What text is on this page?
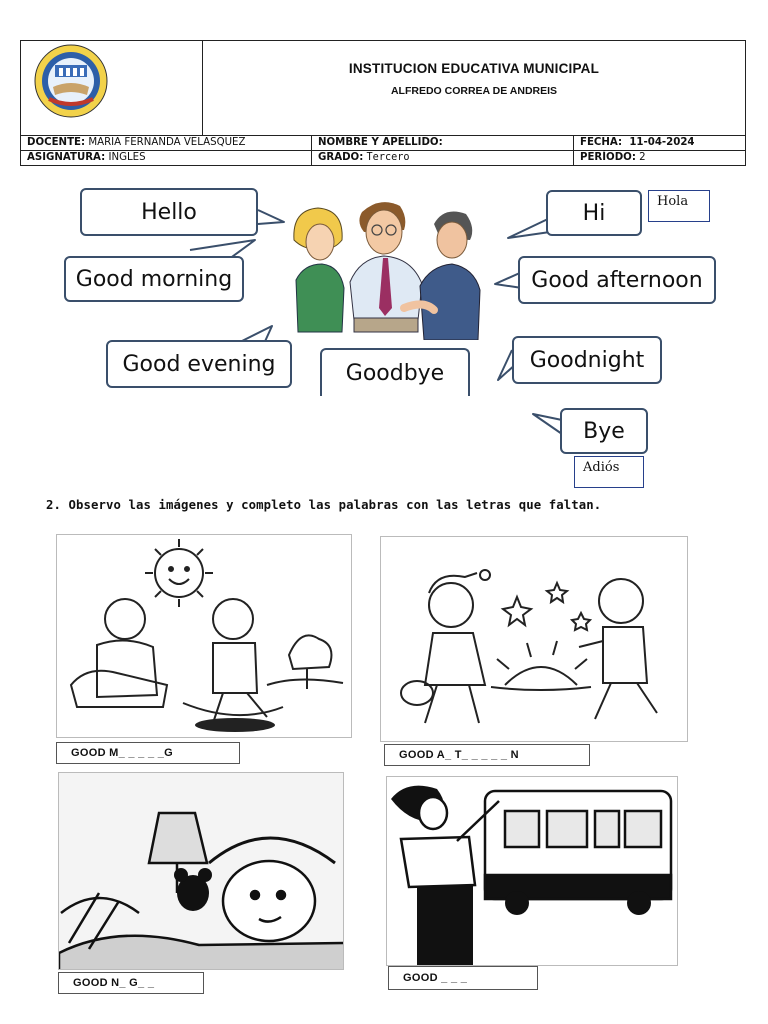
INSTITUCION EDUCATIVA MUNICIPAL
ALFREDO CORREA DE ANDREIS
DOCENTE: MARIA FERNANDA VELASQUEZ	NOMBRE Y APELLIDO:	FECHA: 11-04-2024
ASIGNATURA: INGLES	GRADO: Tercero	PERÍODO: 2
Hello
Good morning
Good evening	Goodbye
Hi
Good afternoon
Goodnight
Bye
Hola
Adiós
2. Observo las imágenes y completo las palabras con las letras que faltan.
GOOD M_ _ _ _ _G	GOOD A_ T_ _ _ _ _ N
GOOD N_ G_ _	GOOD _ _ _
